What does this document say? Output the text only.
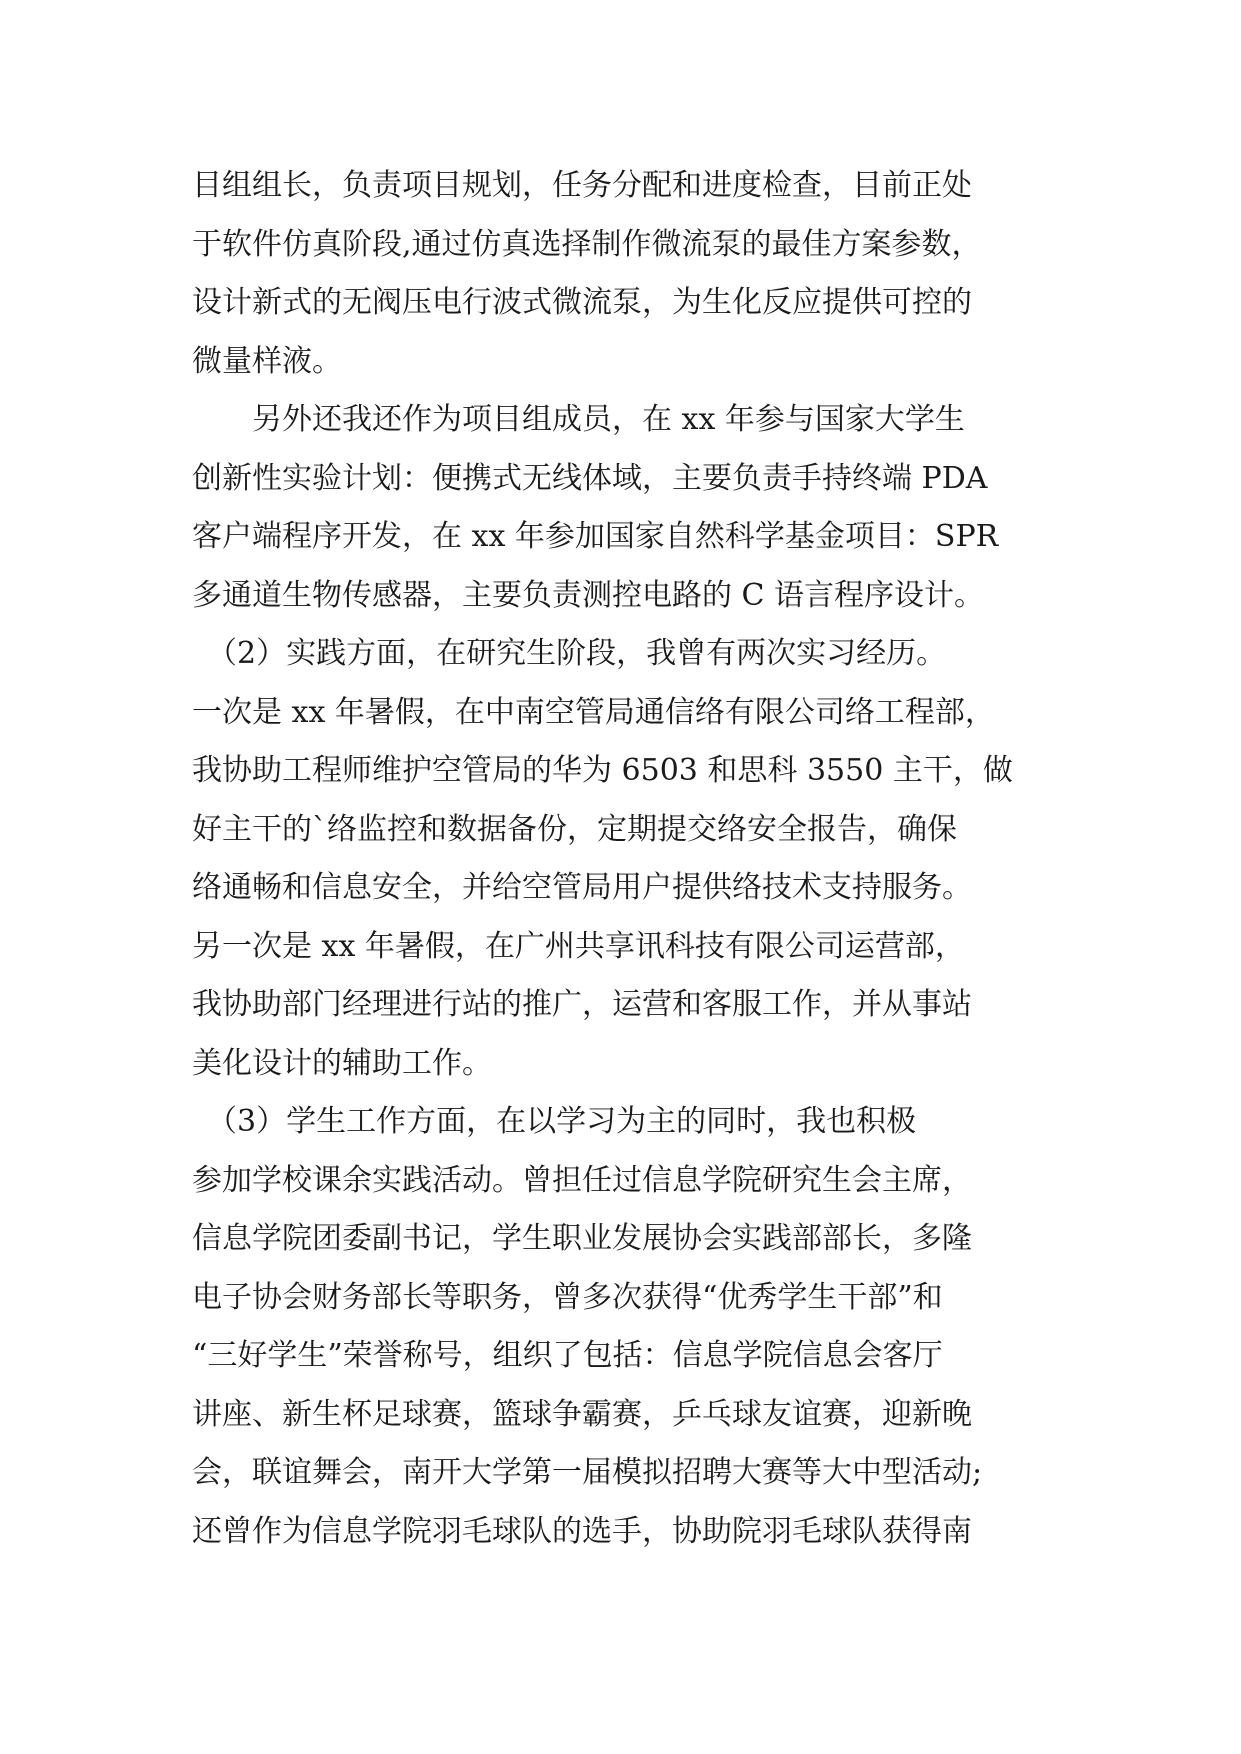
目组组长，负责项目规划，任务分配和进度检查，目前正处
于软件仿真阶段,通过仿真选择制作微流泵的最佳方案参数，
设计新式的无阀压电行波式微流泵，为生化反应提供可控的
微量样液。
　　另外还我还作为项目组成员，在 xx 年参与国家大学生
创新性实验计划：便携式无线体域，主要负责手持终端 PDA
客户端程序开发，在 xx 年参加国家自然科学基金项目：SPR
多通道生物传感器，主要负责测控电路的 C 语言程序设计。
　（2）实践方面，在研究生阶段，我曾有两次实习经历。
一次是 xx 年暑假，在中南空管局通信络有限公司络工程部，
我协助工程师维护空管局的华为 6503 和思科 3550 主干，做
好主干的`络监控和数据备份，定期提交络安全报告，确保
络通畅和信息安全，并给空管局用户提供络技术支持服务。
另一次是 xx 年暑假，在广州共享讯科技有限公司运营部，
我协助部门经理进行站的推广，运营和客服工作，并从事站
美化设计的辅助工作。
　（3）学生工作方面，在以学习为主的同时，我也积极
参加学校课余实践活动。曾担任过信息学院研究生会主席，
信息学院团委副书记，学生职业发展协会实践部部长，多隆
电子协会财务部长等职务，曾多次获得“优秀学生干部”和
“三好学生”荣誉称号，组织了包括：信息学院信息会客厅
讲座、新生杯足球赛，篮球争霸赛，乒乓球友谊赛，迎新晚
会，联谊舞会，南开大学第一届模拟招聘大赛等大中型活动;
还曾作为信息学院羽毛球队的选手，协助院羽毛球队获得南
